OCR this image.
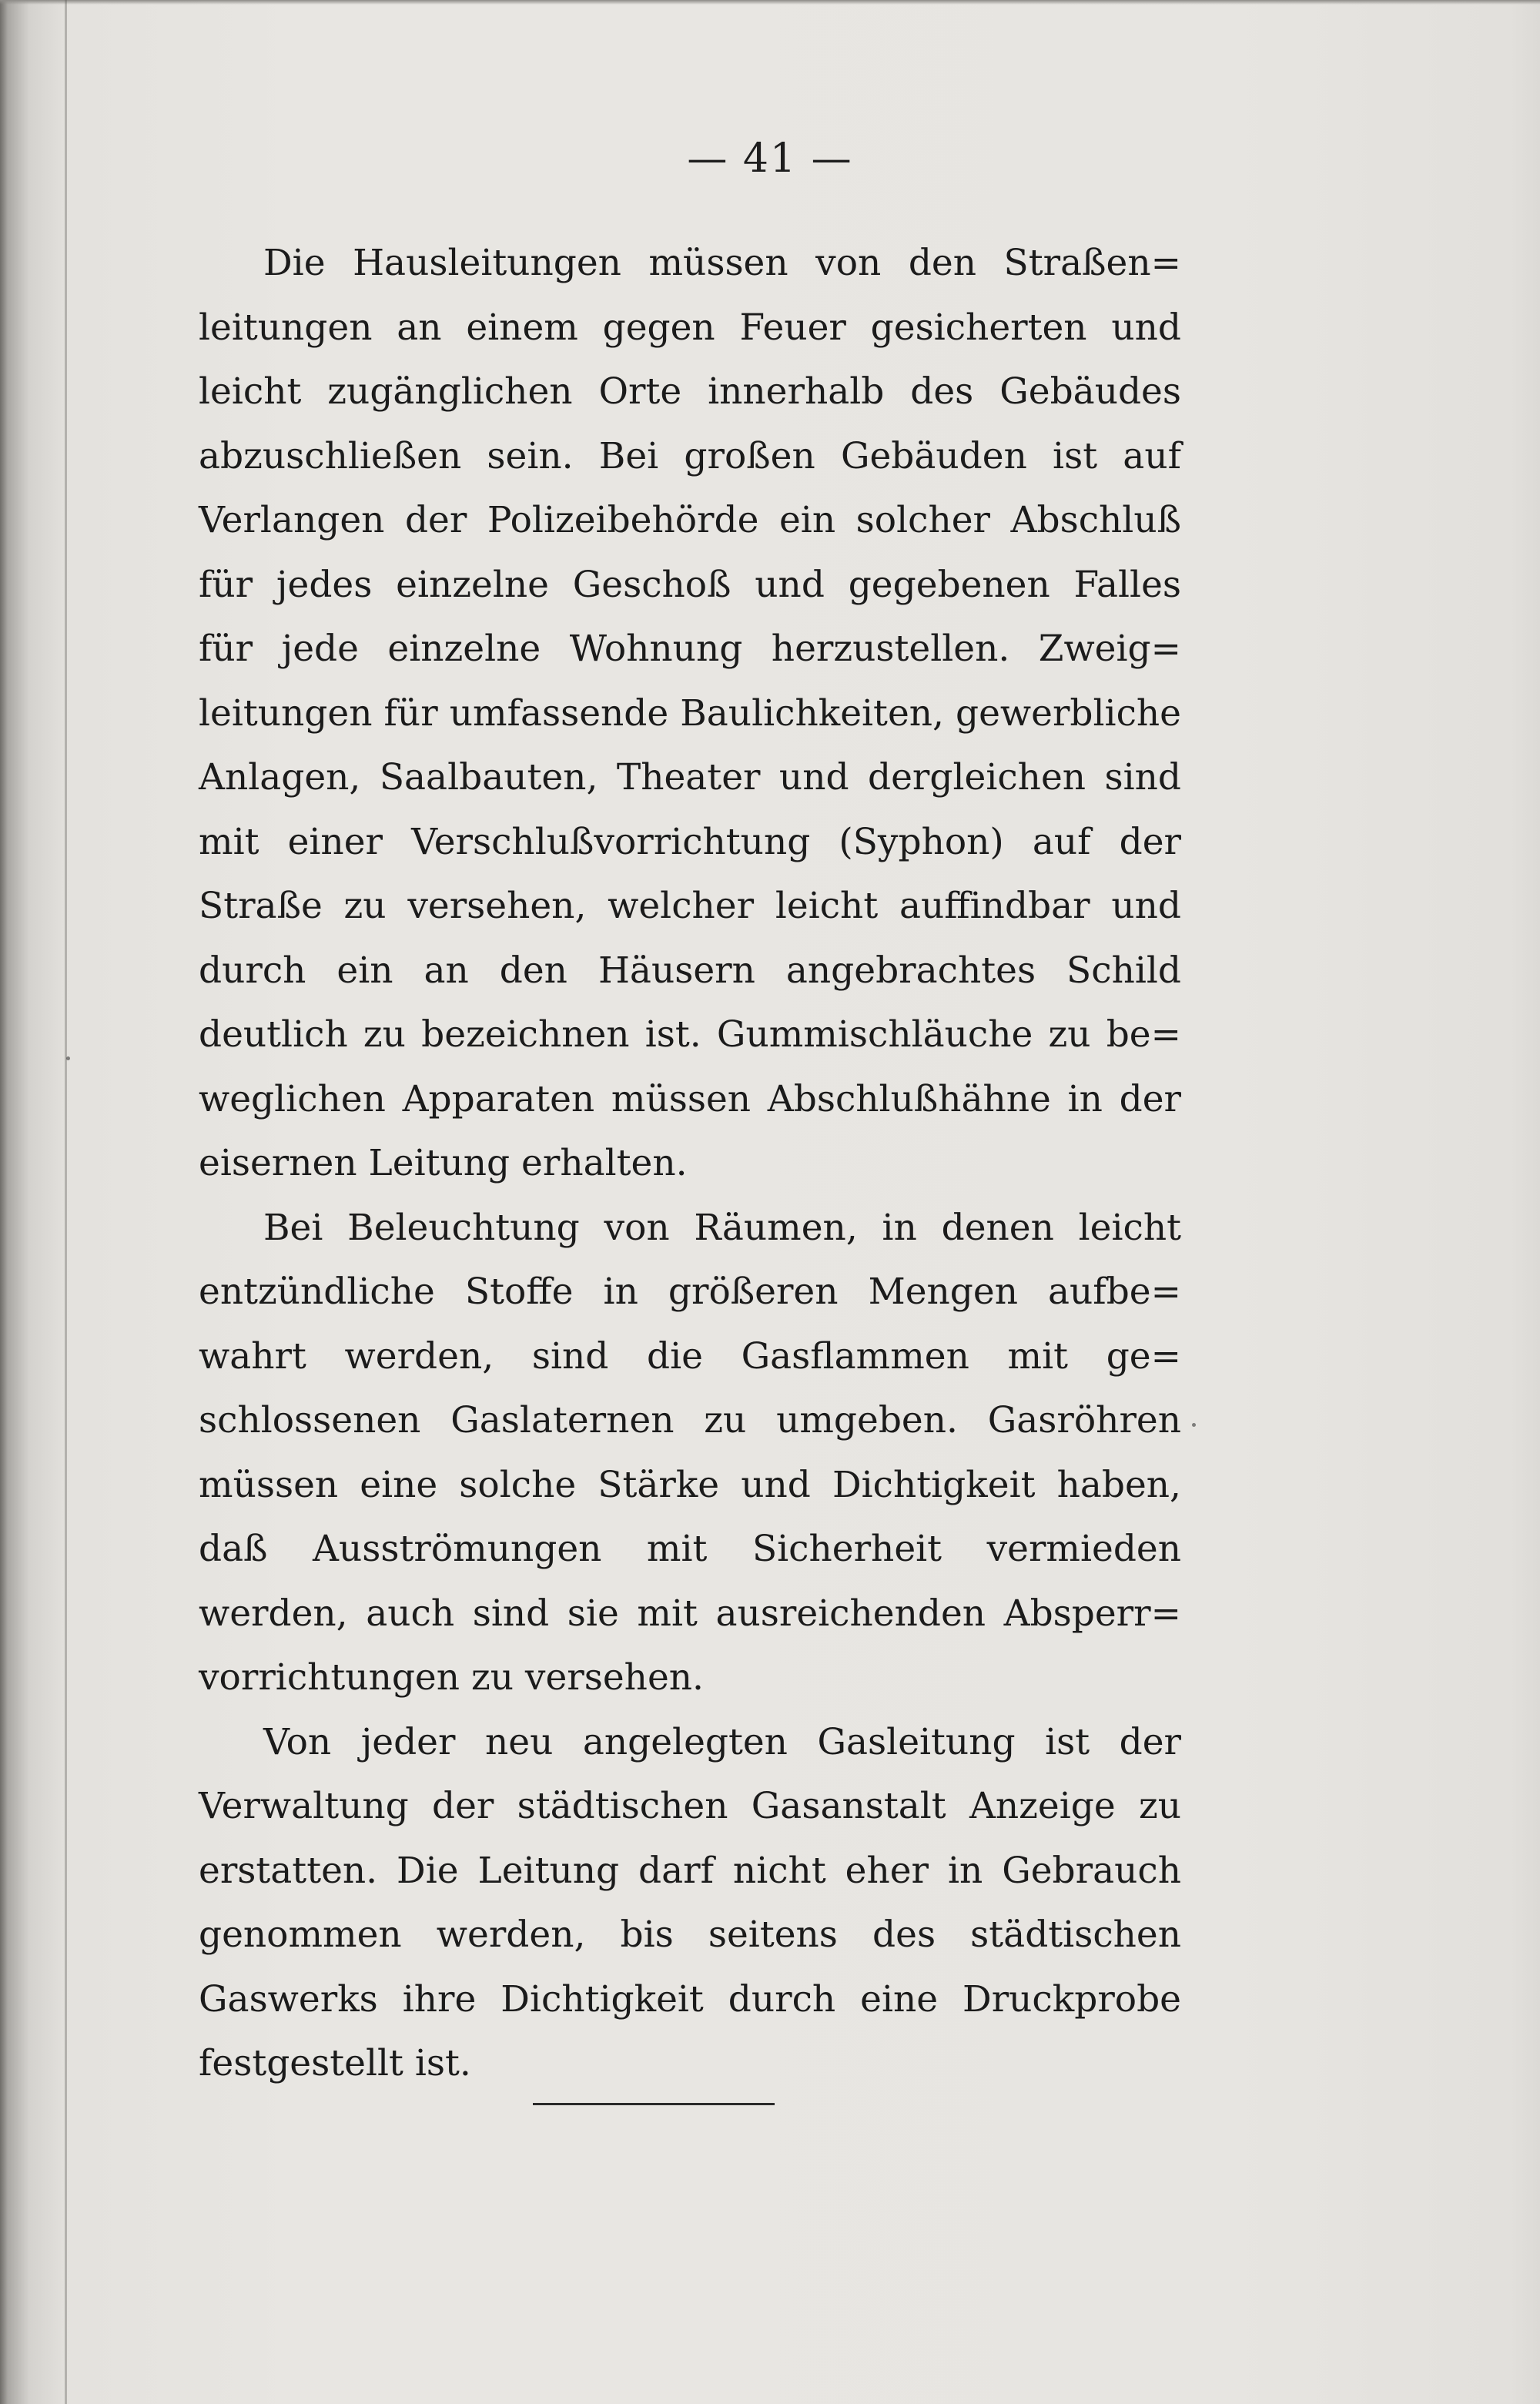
— 41 —
Die Hausleitungen müssen von den Straßen=
leitungen an einem gegen Feuer gesicherten und
leicht zugänglichen Orte innerhalb des Gebäudes
abzuschließen sein. Bei großen Gebäuden ist auf
Verlangen der Polizeibehörde ein solcher Abschluß
für jedes einzelne Geschoß und gegebenen Falles
für jede einzelne Wohnung herzustellen. Zweig=
leitungen für umfassende Baulichkeiten, gewerbliche
Anlagen, Saalbauten, Theater und dergleichen sind
mit einer Verschlußvorrichtung (Syphon) auf der
Straße zu versehen, welcher leicht auffindbar und
durch ein an den Häusern angebrachtes Schild
deutlich zu bezeichnen ist. Gummischläuche zu be=
weglichen Apparaten müssen Abschlußhähne in der
eisernen Leitung erhalten.
Bei Beleuchtung von Räumen, in denen leicht
entzündliche Stoffe in größeren Mengen aufbe=
wahrt werden, sind die Gasflammen mit ge=
schlossenen Gaslaternen zu umgeben. Gasröhren
müssen eine solche Stärke und Dichtigkeit haben,
daß Ausströmungen mit Sicherheit vermieden
werden, auch sind sie mit ausreichenden Absperr=
vorrichtungen zu versehen.
Von jeder neu angelegten Gasleitung ist der
Verwaltung der städtischen Gasanstalt Anzeige zu
erstatten. Die Leitung darf nicht eher in Gebrauch
genommen werden, bis seitens des städtischen
Gaswerks ihre Dichtigkeit durch eine Druckprobe
festgestellt ist.
